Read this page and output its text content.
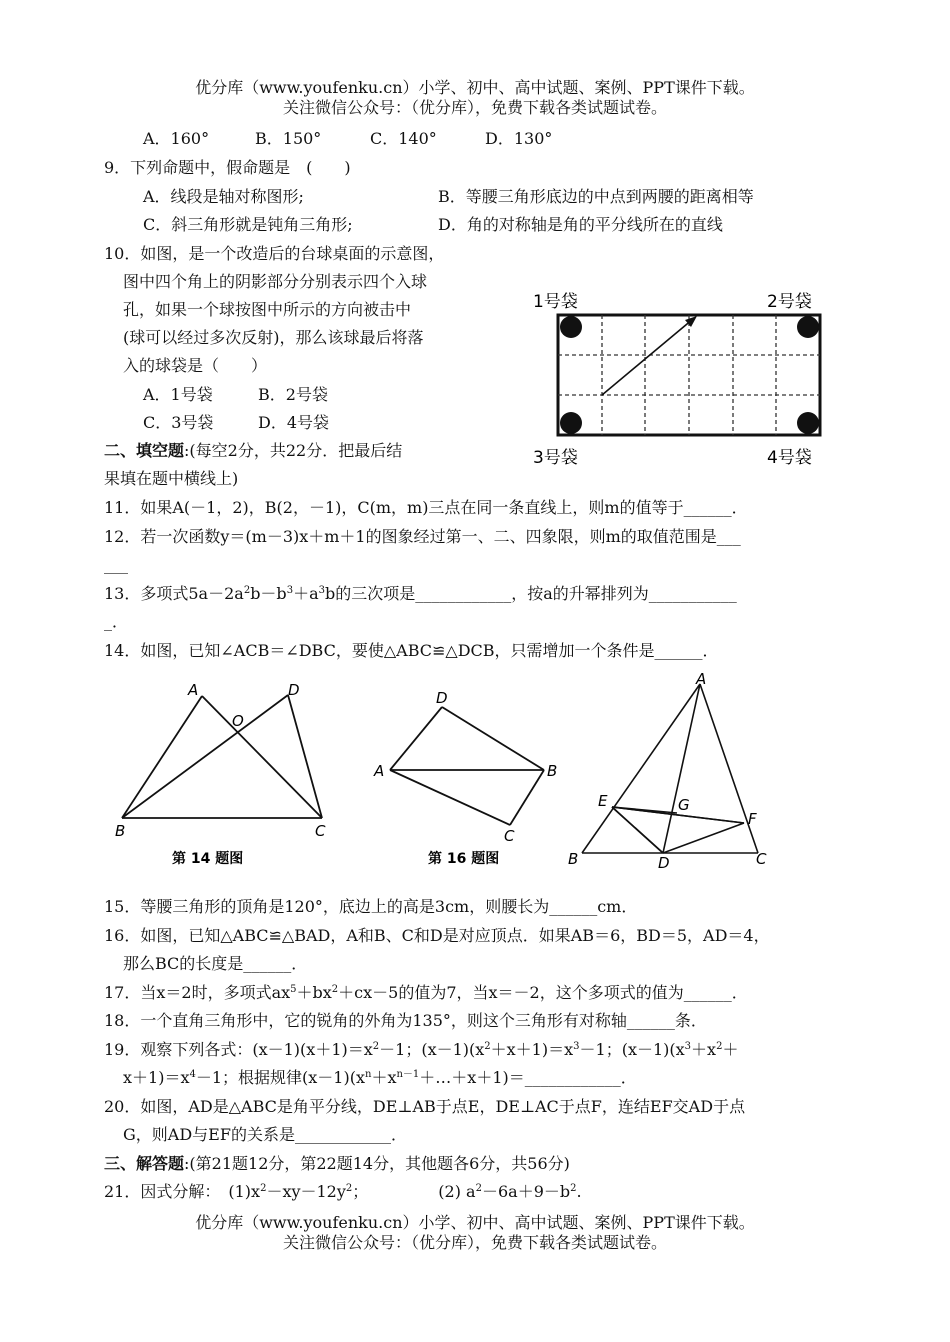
优分库（www.youfenku.cn）小学、初中、高中试题、案例、PPT课件下载。
关注微信公众号：（优分库），免费下载各类试题试卷。
A．160°	B．150°	C．140°	D．130°
9．下列命题中，假命题是　(　　)
A．线段是轴对称图形;	B．等腰三角形底边的中点到两腰的距离相等
C．斜三角形就是钝角三角形;	D．角的对称轴是角的平分线所在的直线
10．如图，是一个改造后的台球桌面的示意图，
图中四个角上的阴影部分分别表示四个入球
孔，如果一个球按图中所示的方向被击中
(球可以经过多次反射)，那么该球最后将落
入的球袋是（　　）
A．1号袋	B．2号袋
C．3号袋	D．4号袋
1号袋	2号袋
3号袋	4号袋
二、填空题:(每空2分，共22分．把最后结
果填在题中横线上)
11．如果A(－1，2)，B(2，－1)，C(m，m)三点在同一条直线上，则m的值等于______．
12．若一次函数y＝(m－3)x＋m＋1的图象经过第一、二、四象限，则m的取值范围是___
___
13．多项式$5a-2a^2b-b^3+a^3b$的三次项是____________，按a的升幂排列为___________
_．
14．如图，已知∠ACB＝∠DBC，要使△ABC≌△DCB，只需增加一个条件是______．
A	D
O
B	C
第 14 题图
D
A	B
C
第 16 题图
A
E	G
F
B	D	C
15．等腰三角形的顶角是120°，底边上的高是3cm，则腰长为______cm．
16．如图，已知△ABC≌△BAD，A和B、C和D是对应顶点．如果AB＝6，BD＝5，AD＝4，
那么BC的长度是______．
17．当x＝2时，多项式$ax^5+bx^2+cx-5$的值为7，当x＝－2，这个多项式的值为______．
18．一个直角三角形中，它的锐角的外角为135°，则这个三角形有对称轴______条．
19．观察下列各式：$(x-1)(x+1)=x^2-1$；$(x-1)(x^2+x+1)=x^3-1$；$(x-1)(x^3+x^2+$
$x+1)=x^4-1$；根据规律$(x-1)(x^n+x^{n-1}+\dots+x+1)=\_\_\_\_\_\_\_\_\_\_\_\_$．
20．如图，AD是△ABC是角平分线，DE⊥AB于点E，DE⊥AC于点F，连结EF交AD于点
G，则AD与EF的关系是____________．
三、解答题:(第21题12分，第22题14分，其他题各6分，共56分)
21．因式分解：　$(1)x^2-xy-12y^2$；	(2) $a^2-6a+9-b^2$.
优分库（www.youfenku.cn）小学、初中、高中试题、案例、PPT课件下载。
关注微信公众号：（优分库），免费下载各类试题试卷。
